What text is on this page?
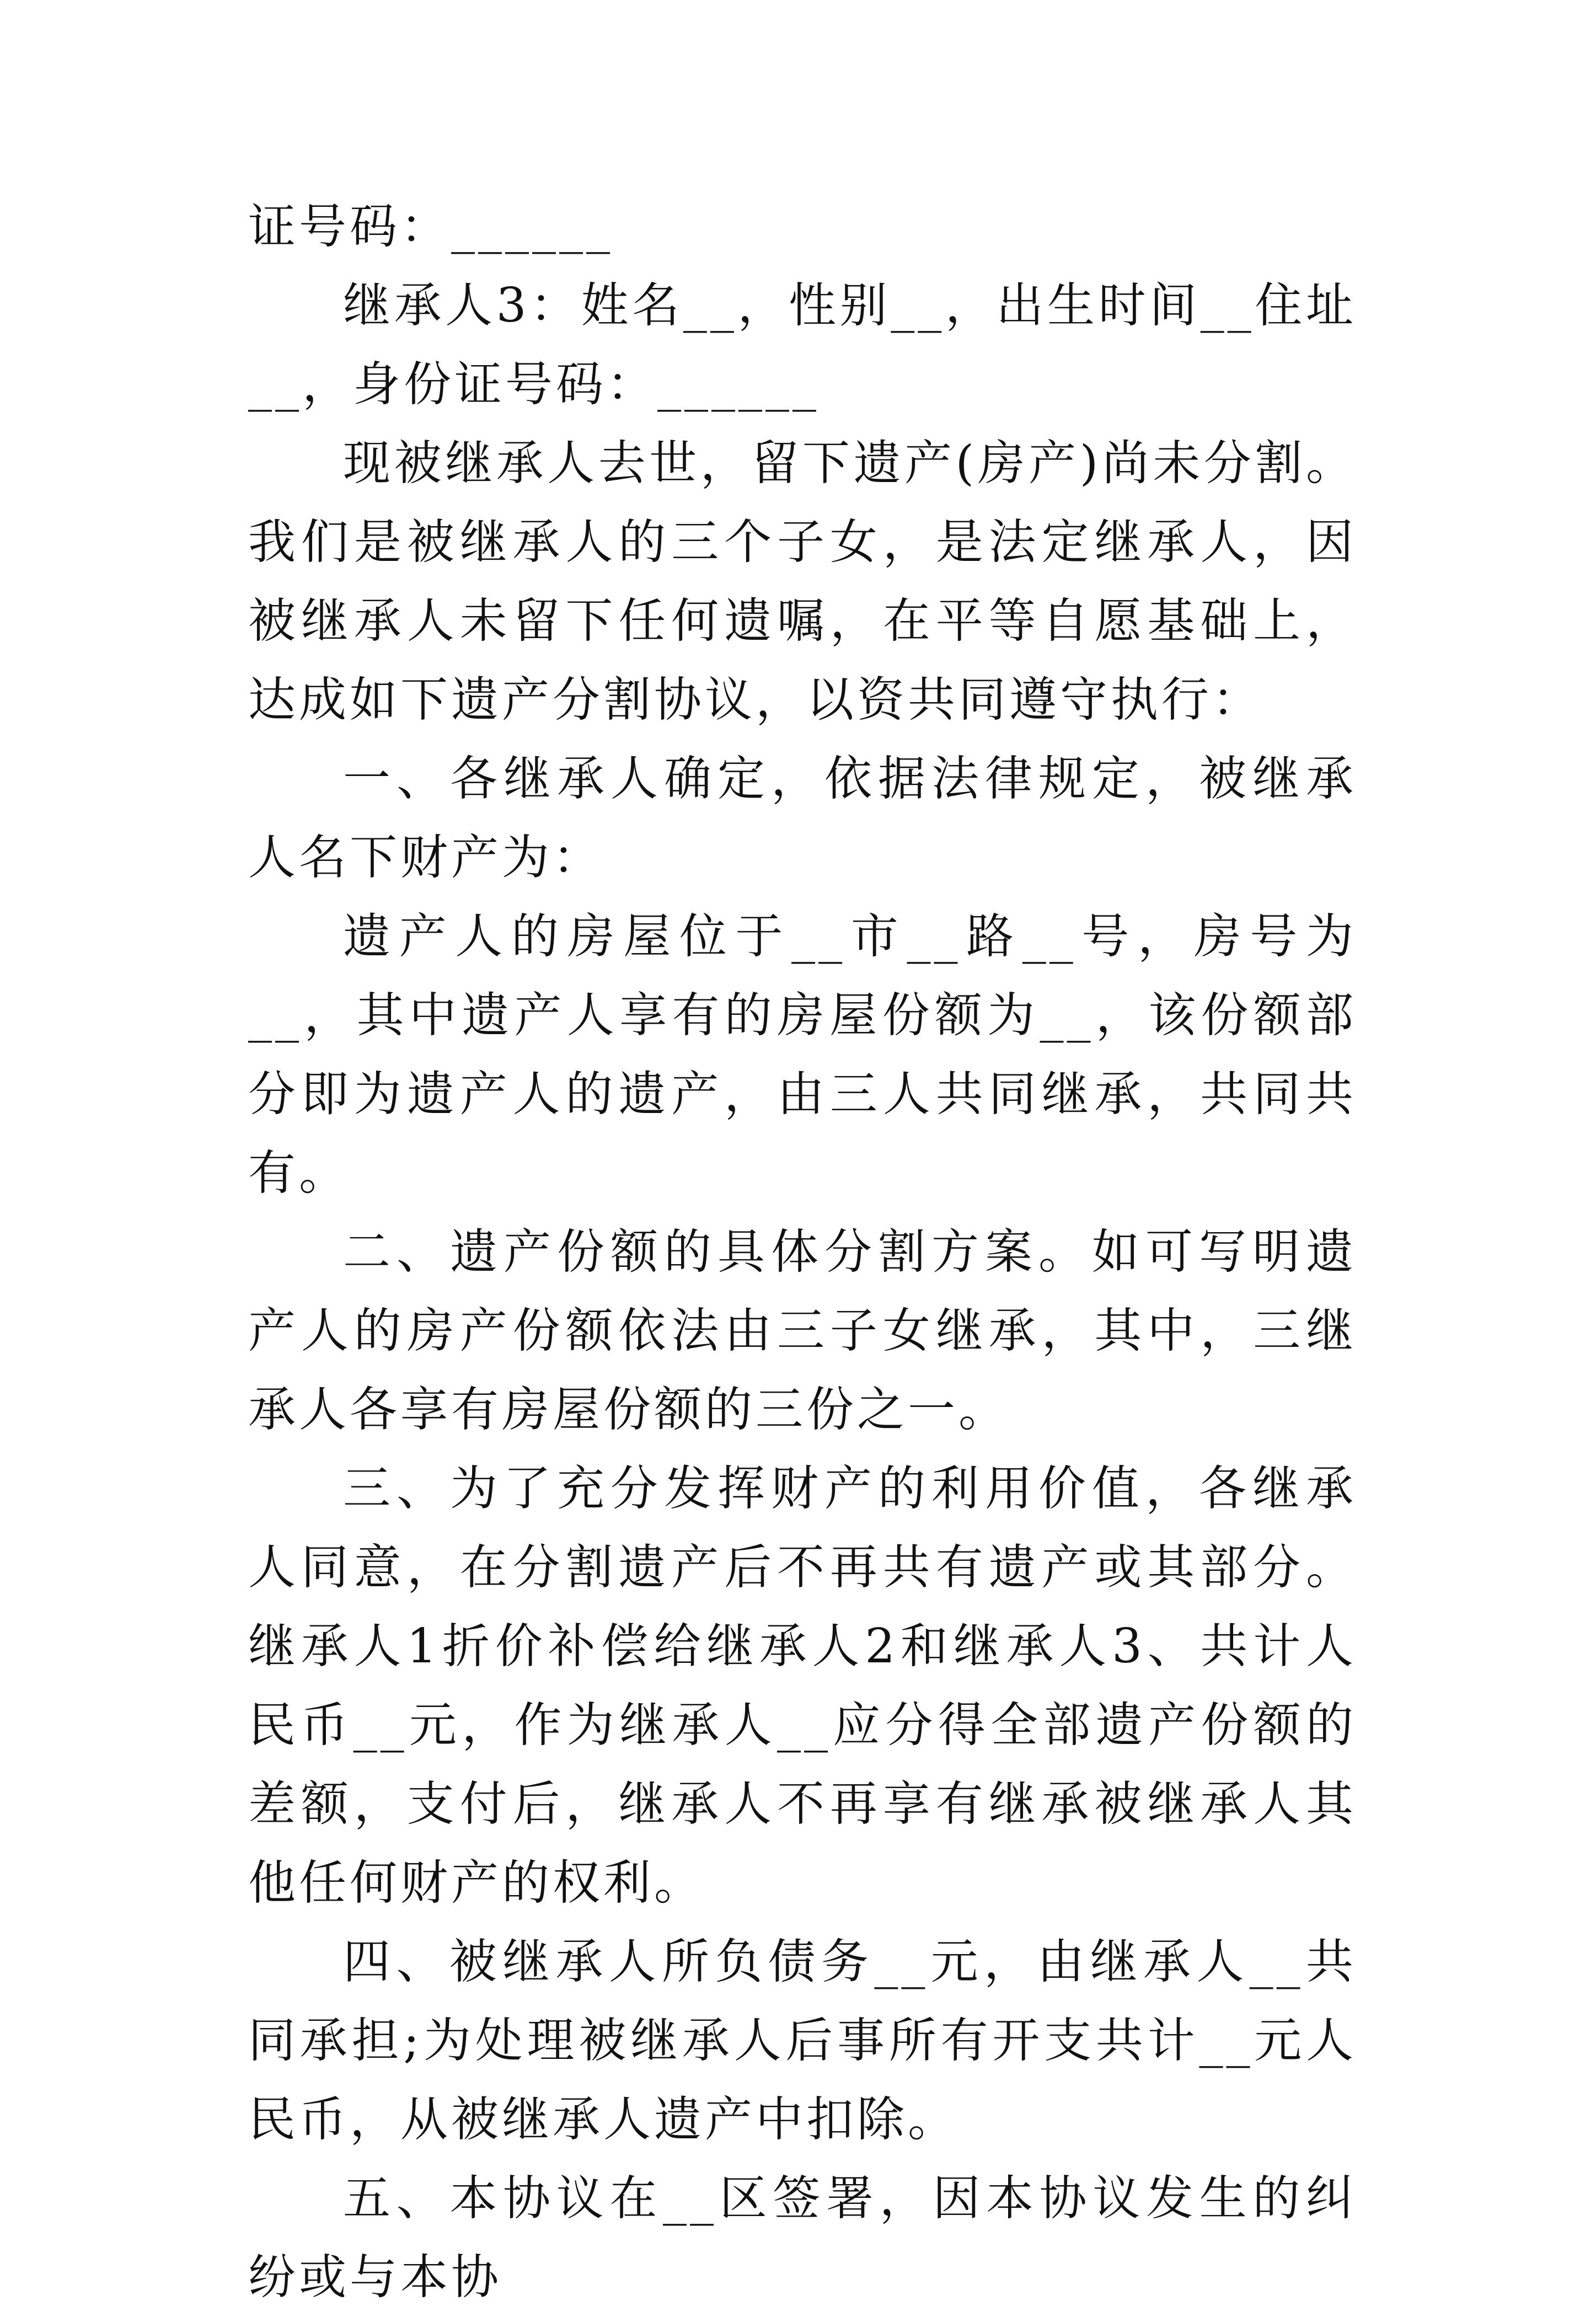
证号码：______

继承人3：姓名__，性别__，出生时间__住址__，身份证号码：______

现被继承人去世，留下遗产(房产)尚未分割。我们是被继承人的三个子女，是法定继承人，因被继承人未留下任何遗嘱，在平等自愿基础上，达成如下遗产分割协议，以资共同遵守执行：

一、各继承人确定，依据法律规定，被继承人名下财产为：

遗产人的房屋位于__市__路__号，房号为__，其中遗产人享有的房屋份额为__，该份额部分即为遗产人的遗产，由三人共同继承，共同共有。

二、遗产份额的具体分割方案。如可写明遗产人的房产份额依法由三子女继承，其中，三继承人各享有房屋份额的三份之一。

三、为了充分发挥财产的利用价值，各继承人同意，在分割遗产后不再共有遗产或其部分。继承人1折价补偿给继承人2和继承人3、共计人民币__元，作为继承人__应分得全部遗产份额的差额，支付后，继承人不再享有继承被继承人其他任何财产的权利。

四、被继承人所负债务__元，由继承人__共同承担;为处理被继承人后事所有开支共计__元人民币，从被继承人遗产中扣除。

五、本协议在__区签署，因本协议发生的纠纷或与本协
